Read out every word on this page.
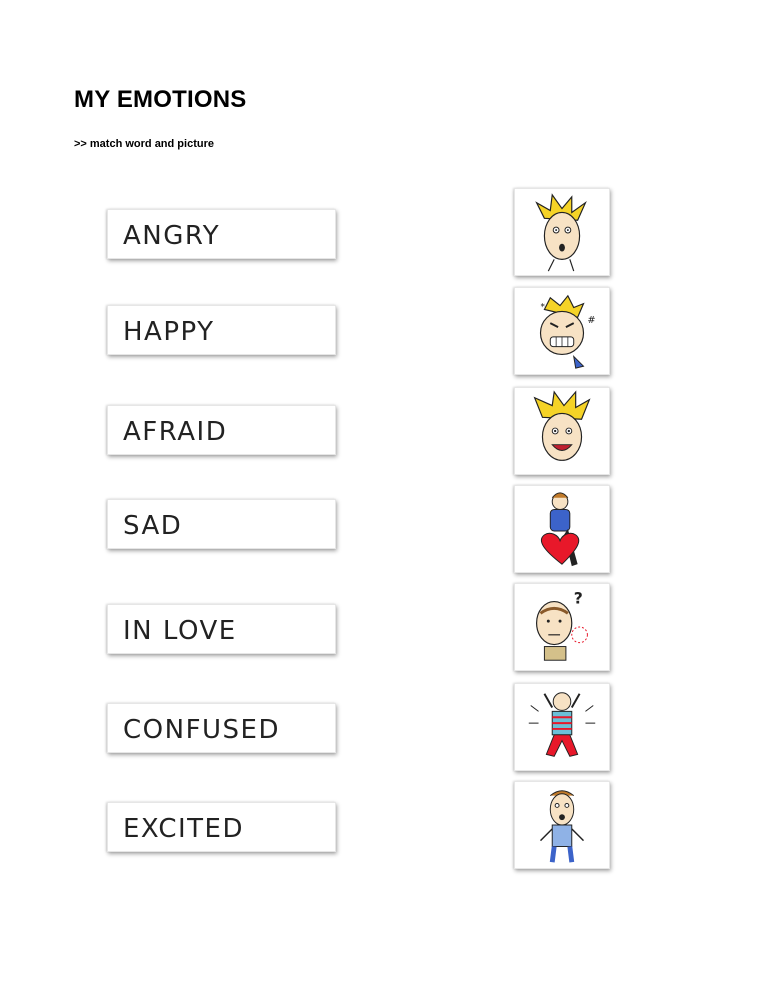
MY EMOTIONS
>> match word and picture
ANGRY
HAPPY
AFRAID
SAD
IN LOVE
CONFUSED
EXCITED
#
*
?
